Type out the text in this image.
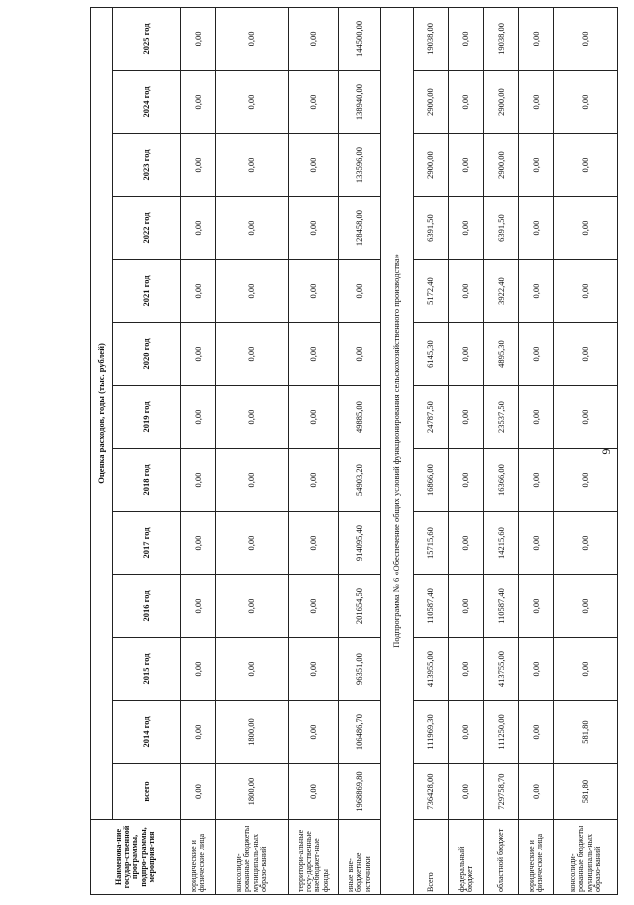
6
Наименова-ние государ-ственной программы, подпро-граммы, мероприя-тия	Оценка расходов, годы (тыс. рублей)												
	всего	2014 год	2015 год	2016 год	2017 год	2018 год	2019 год	2020 год	2021 год	2022 год	2023 год	2024 год	2025 год
юридические и физические лица	0,00	0,00	0,00	0,00	0,00	0,00	0,00	0,00	0,00	0,00	0,00	0,00	0,00
консолиди-рованные бюджеты муниципаль-ных образо-ваний	1800,00	1800,00	0,00	0,00	0,00	0,00	0,00	0,00	0,00	0,00	0,00	0,00	0,00
территори-альные госу-дарственные внебюджет-ные фонды	0,00	0,00	0,00	0,00	0,00	0,00	0,00	0,00	0,00	0,00	0,00	0,00	0,00
иные вне-бюджетные источники	1968869,80	106486,70	96351,00	201654,50	914095,40	54903,20	49885,00	0,00	0,00	128458,00	133596,00	138940,00	144500,00
Подпрограмма № 6 «Обеспечение общих условий функционирования сельскохозяйственного производства»													
Всего	736428,00	111969,30	413955,00	110587,40	15715,60	16866,00	24787,50	6145,30	5172,40	6391,50	2900,00	2900,00	19038,00
федеральный бюджет	0,00	0,00	0,00	0,00	0,00	0,00	0,00	0,00	0,00	0,00	0,00	0,00	0,00
областной бюджет	729758,70	111250,00	413755,00	110587,40	14215,60	16366,00	23537,50	4895,30	3922,40	6391,50	2900,00	2900,00	19038,00
юридические и физические лица	0,00	0,00	0,00	0,00	0,00	0,00	0,00	0,00	0,00	0,00	0,00	0,00	0,00
консолиди-рованные бюджеты муниципаль-ных образо-ваний	581,80	581,80	0,00	0,00	0,00	0,00	0,00	0,00	0,00	0,00	0,00	0,00	0,00
